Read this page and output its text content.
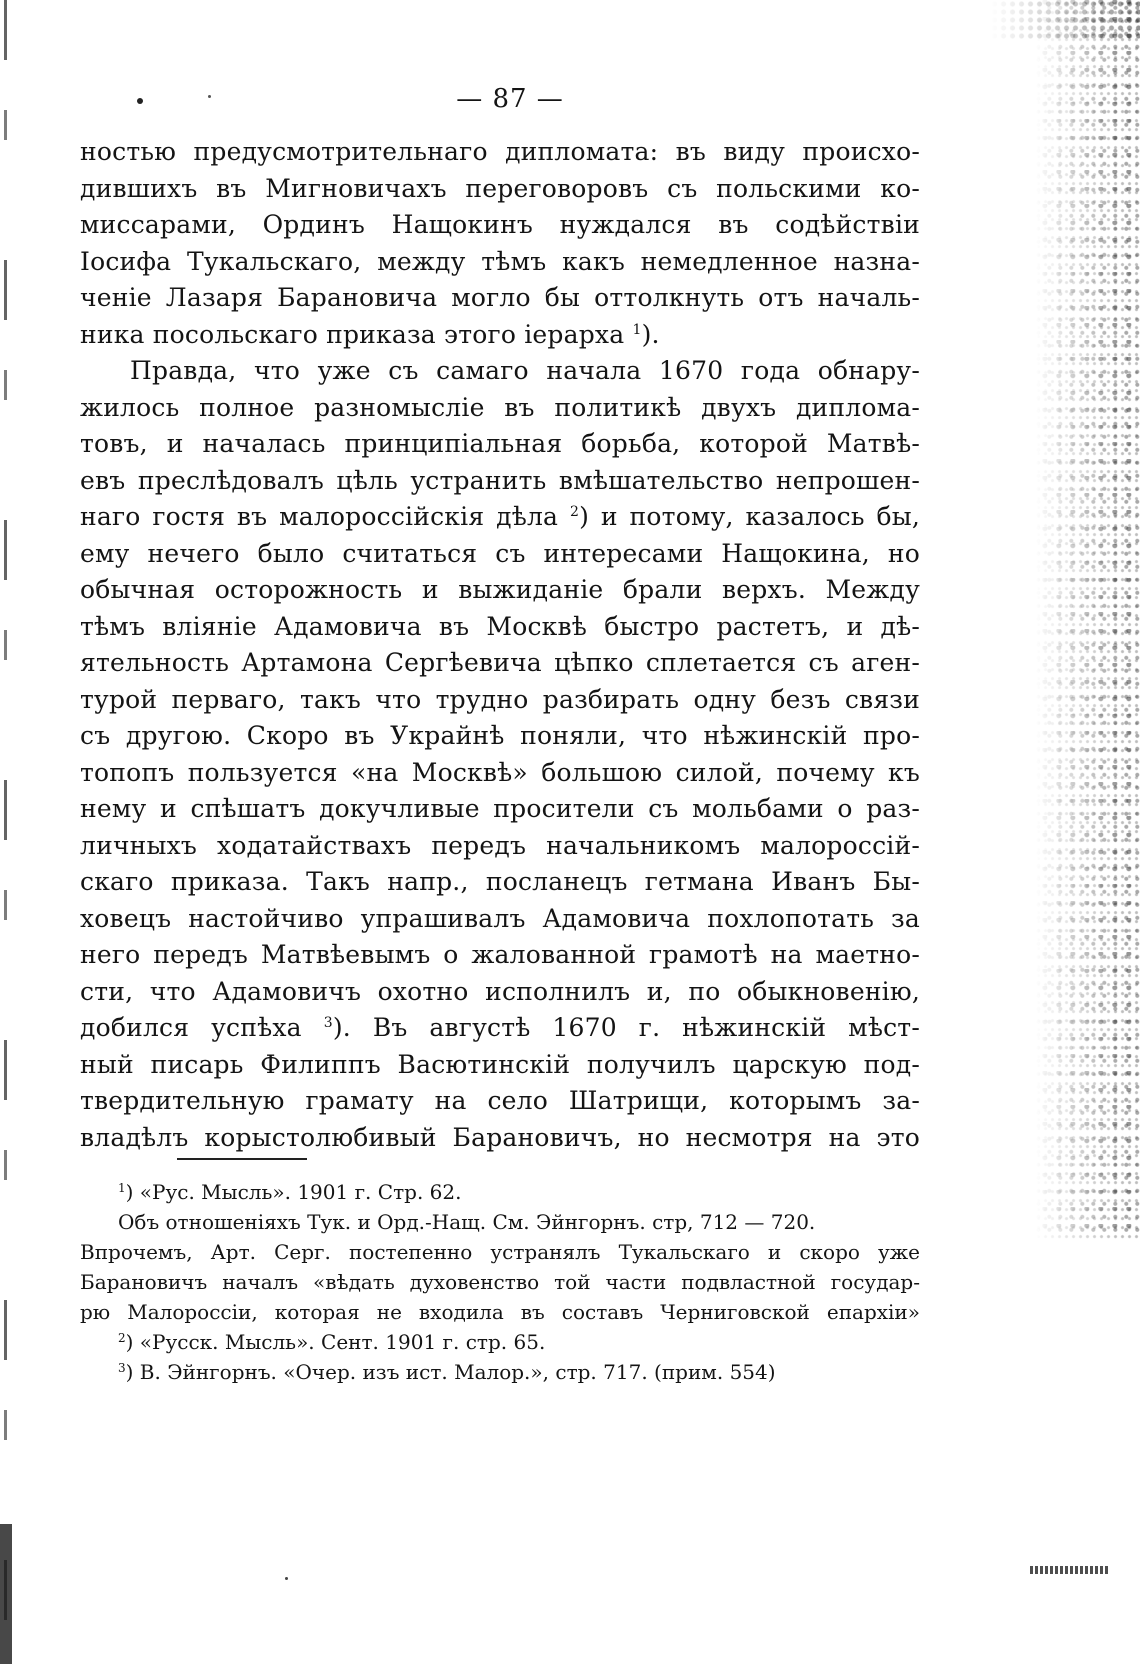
— 87 —
ностью предусмотрительнаго дипломата: въ виду происхо-
дившихъ въ Мигновичахъ переговоровъ съ польскими ко-
миссарами, Ординъ Нащокинъ нуждался въ содѣйствіи
Іосифа Тукальскаго, между тѣмъ какъ немедленное назна-
ченіе Лазаря Барановича могло бы оттолкнуть отъ началь-
ника посольскаго приказа этого іерарха $^1$).
Правда, что уже съ самаго начала 1670 года обнару-
жилось полное разномысліе въ политикѣ двухъ диплома-
товъ, и началась принципіальная борьба, которой Матвѣ-
евъ преслѣдовалъ цѣль устранить вмѣшательство непрошен-
наго гостя въ малороссійскія дѣла $^2$) и потому, казалось бы,
ему нечего было считаться съ интересами Нащокина, но
обычная осторожность и выжиданіе брали верхъ. Между
тѣмъ вліяніе Адамовича въ Москвѣ быстро растетъ, и дѣ-
ятельность Артамона Сергѣевича цѣпко сплетается съ аген-
турой перваго, такъ что трудно разбирать одну безъ связи
съ другою. Скоро въ Украйнѣ поняли, что нѣжинскій про-
топопъ пользуется «на Москвѣ» большою силой, почему къ
нему и спѣшатъ докучливые просители съ мольбами о раз-
личныхъ ходатайствахъ передъ начальникомъ малороссій-
скаго приказа. Такъ напр., посланецъ гетмана Иванъ Бы-
ховецъ настойчиво упрашивалъ Адамовича похлопотать за
него передъ Матвѣевымъ о жалованной грамотѣ на маетно-
сти, что Адамовичъ охотно исполнилъ и, по обыкновенію,
добился успѣха $^3$). Въ августѣ 1670 г. нѣжинскій мѣст-
ный писарь Филиппъ Васютинскій получилъ царскую под-
твердительную грамату на село Шатрищи, которымъ за-
владѣлъ корыстолюбивый Барановичъ, но несмотря на это
$^1$) «Рус. Мысль». 1901 г. Стр. 62.
Объ отношеніяхъ Тук. и Орд.-Нащ. См. Эйнгорнъ. стр, 712 — 720.
Впрочемъ, Арт. Серг. постепенно устранялъ Тукальскаго и скоро уже
Барановичъ началъ «вѣдать духовенство той части подвластной государ-
рю Малороссіи, которая не входила въ составъ Черниговской епархіи»
$^2$) «Русск. Мысль». Сент. 1901 г. стр. 65.
$^3$) В. Эйнгорнъ. «Очер. изъ ист. Малор.», стр. 717. (прим. 554)
